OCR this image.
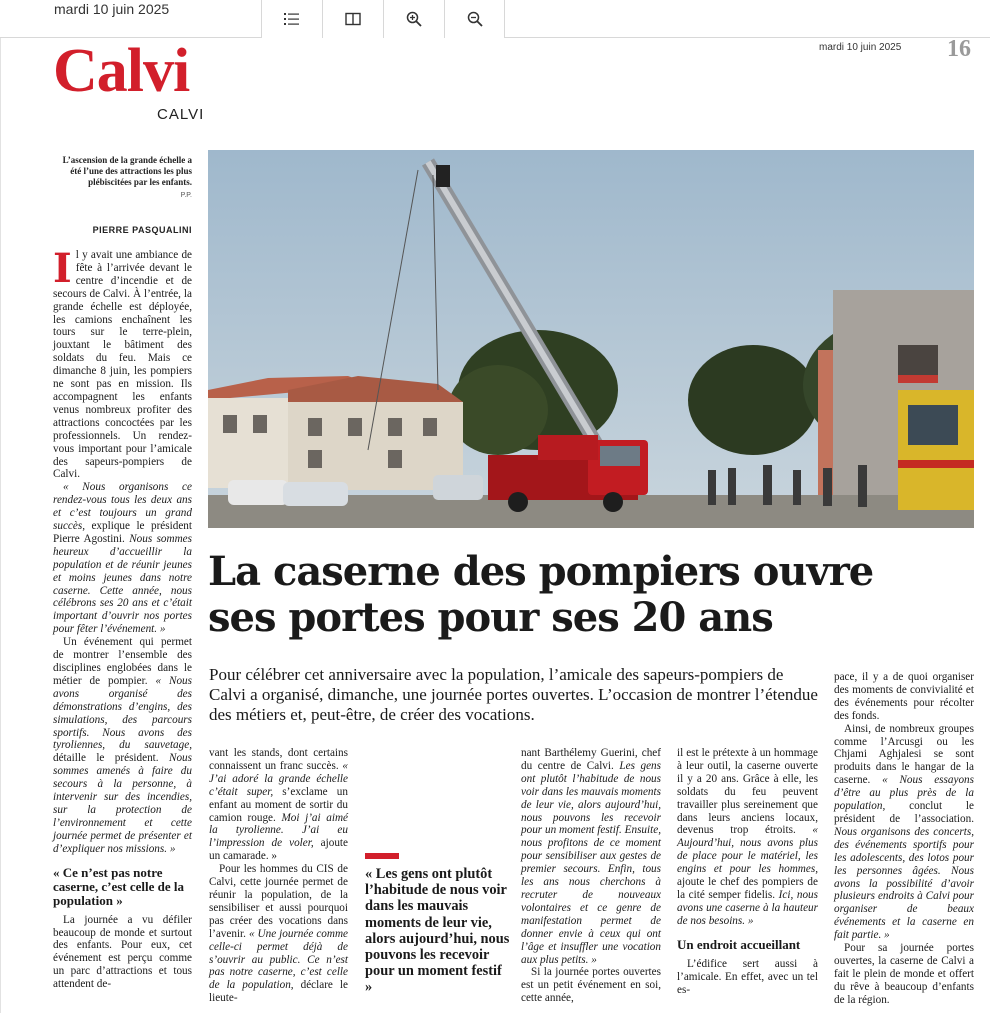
mardi 10 juin 2025
Calvi
CALVI
mardi 10 juin 2025 16
L’ascension de la grande échelle a été l’une des attractions les plus plébiscitées par les enfants.
P.P.
PIERRE PASQUALINI
La caserne des pompiers ouvre
ses portes pour ses 20 ans
Pour célébrer cet anniversaire avec la population, l’amicale des sapeurs-pompiers de Calvi a organisé, dimanche, une journée portes ouvertes. L’occasion de montrer l’étendue des métiers et, peut-être, de créer des vocations.
I l y avait une ambiance de fête à l’arrivée devant le centre d’incendie et de secours de Calvi. À l’entrée, la grande échelle est déployée, les camions enchaînent les tours sur le terre-plein, jouxtant le bâtiment des soldats du feu. Mais ce dimanche 8 juin, les pompiers ne sont pas en mission. Ils accompagnent les enfants venus nombreux profiter des attractions concoctées par les professionnels. Un rendez-vous important pour l’amicale des sapeurs-pompiers de Calvi.
« Nous organisons ce rendez-vous tous les deux ans et c’est toujours un grand succès, explique le président Pierre Agostini. Nous sommes heureux d’accueillir la population et de réunir jeunes et moins jeunes dans notre caserne. Cette année, nous célébrons ses 20 ans et c’était important d’ouvrir nos portes pour fêter l’événement. »
Un événement qui permet de montrer l’ensemble des disciplines englobées dans le métier de pompier. « Nous avons organisé des démonstrations d’engins, des simulations, des parcours sportifs. Nous avons des tyroliennes, du sauvetage, détaille le président. Nous sommes amenés à faire du secours à la personne, à intervenir sur des incendies, sur la protection de l’environnement et cette journée permet de présenter et d’expliquer nos missions. »
« Ce n’est pas notre caserne, c’est celle de la population »
La journée a vu défiler beaucoup de monde et surtout des enfants. Pour eux, cet événement est perçu comme un parc d’attractions et tous attendent de-
vant les stands, dont certains connaissent un franc succès. « J’ai adoré la grande échelle c’était super, s’exclame un enfant au moment de sortir du camion rouge. Moi j’ai aimé la tyrolienne. J’ai eu l’impression de voler, ajoute un camarade. »
Pour les hommes du CIS de Calvi, cette journée permet de réunir la population, de la sensibiliser et aussi pourquoi pas créer des vocations dans l’avenir. « Une journée comme celle-ci permet déjà de s’ouvrir au public. Ce n’est pas notre caserne, c’est celle de la population, déclare le lieute-
« Les gens ont plutôt l’habitude de nous voir dans les mauvais moments de leur vie, alors aujourd’hui, nous pouvons les recevoir pour un moment festif »
nant Barthélemy Guerini, chef du centre de Calvi. Les gens ont plutôt l’habitude de nous voir dans les mauvais moments de leur vie, alors aujourd’hui, nous pouvons les recevoir pour un moment festif. Ensuite, nous profitons de ce moment pour sensibiliser aux gestes de premier secours. Enfin, tous les ans nous cherchons à recruter de nouveaux volontaires et ce genre de manifestation permet de donner envie à ceux qui ont l’âge et insuffler une vocation aux plus petits. »
Si la journée portes ouvertes est un petit événement en soi, cette année,
il est le prétexte à un hommage à leur outil, la caserne ouverte il y a 20 ans. Grâce à elle, les soldats du feu peuvent travailler plus sereinement que dans leurs anciens locaux, devenus trop étroits. « Aujourd’hui, nous avons plus de place pour le matériel, les engins et pour les hommes, ajoute le chef des pompiers de la cité semper fidelis. Ici, nous avons une caserne à la hauteur de nos besoins. »
Un endroit accueillant
L’édifice sert aussi à l’amicale. En effet, avec un tel es-
pace, il y a de quoi organiser des moments de convivialité et des événements pour récolter des fonds.
Ainsi, de nombreux groupes comme l’Arcusgi ou les Chjami Aghjalesi se sont produits dans le hangar de la caserne. « Nous essayons d’être au plus près de la population, conclut le président de l’association. Nous organisons des concerts, des événements sportifs pour les adolescents, des lotos pour les personnes âgées. Nous avons la possibilité d’avoir plusieurs endroits à Calvi pour organiser de beaux événements et la caserne en fait partie. »
Pour sa journée portes ouvertes, la caserne de Calvi a fait le plein de monde et offert du rêve à beaucoup d’enfants de la région.
